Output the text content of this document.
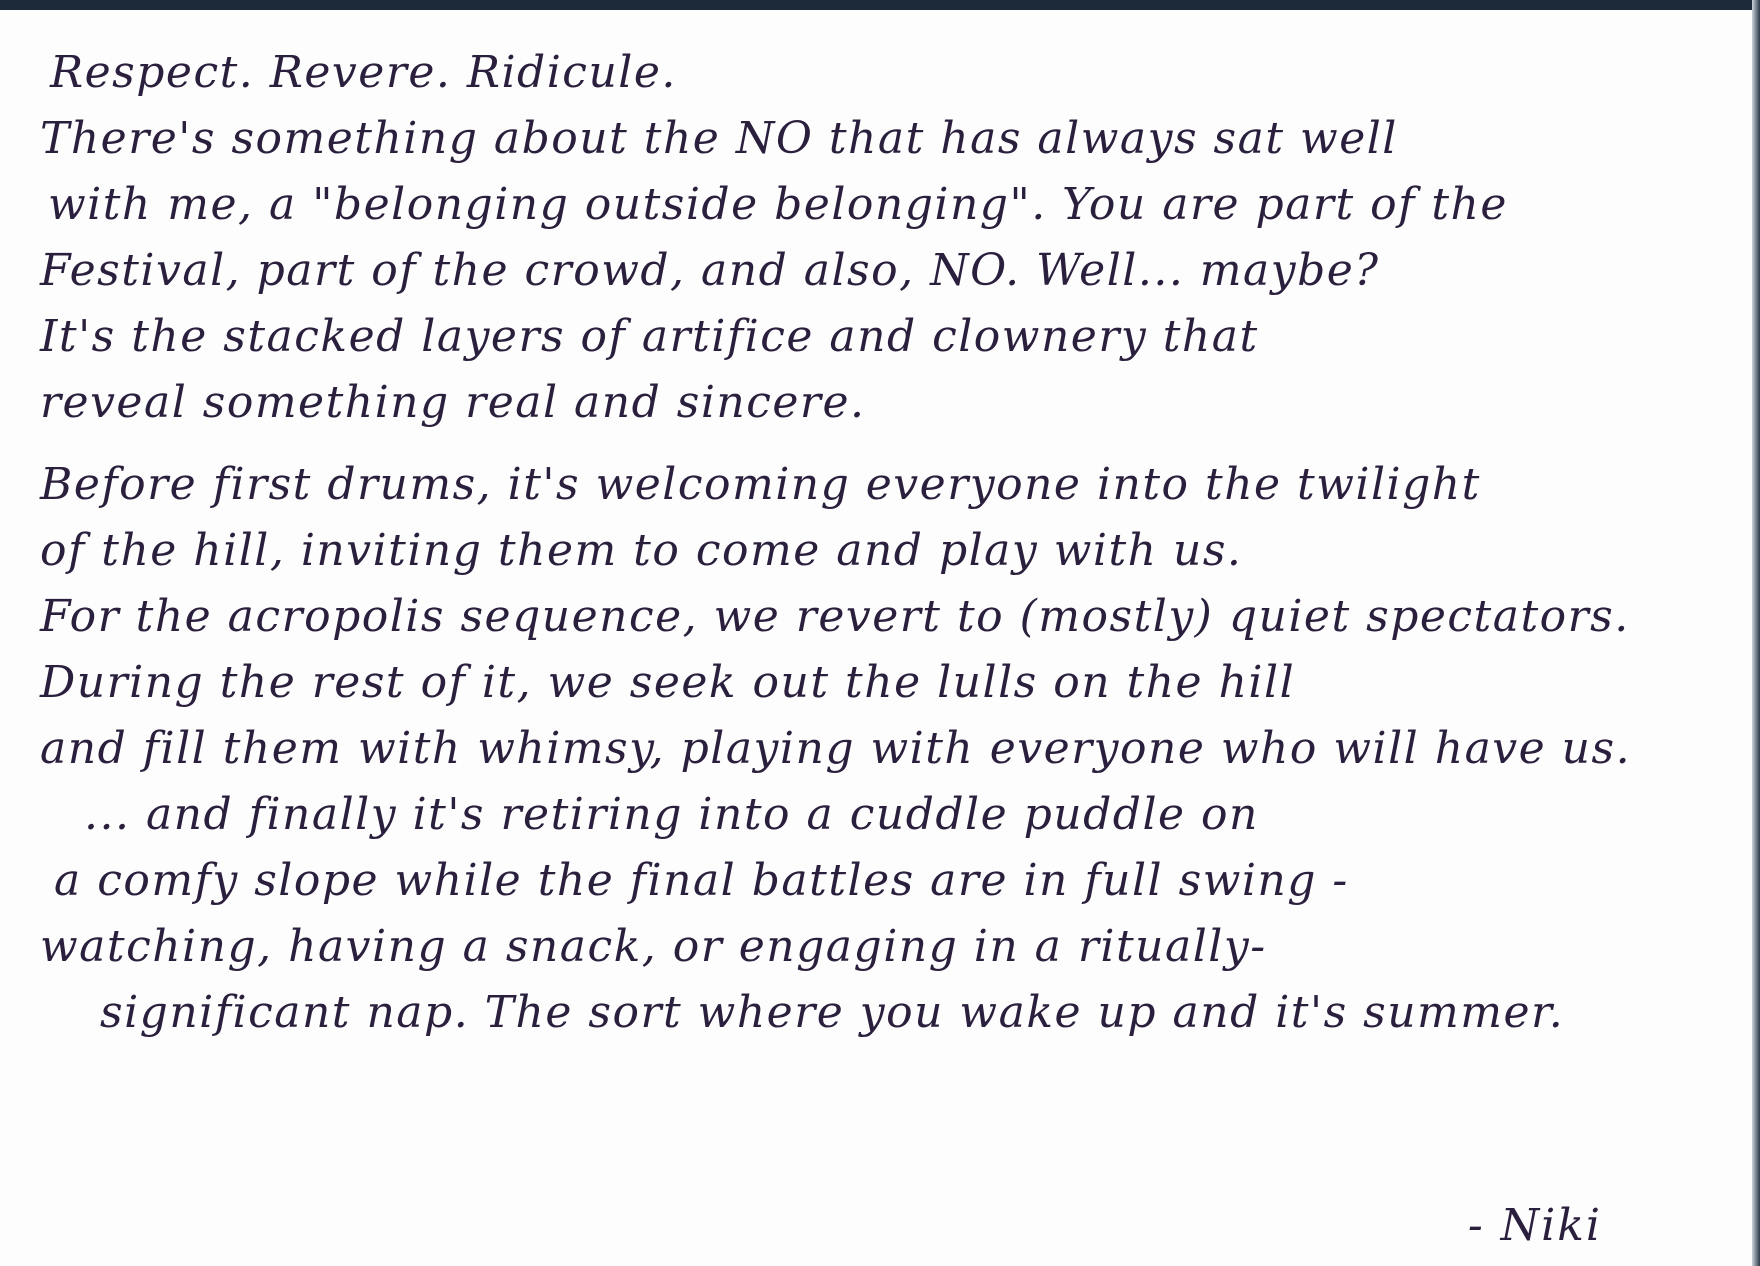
Respect. Revere. Ridicule.
There's something about the NO that has always sat well
with me, a "belonging outside belonging". You are part of the
Festival, part of the crowd, and also, NO. Well... maybe?
It's the stacked layers of artifice and clownery that
reveal something real and sincere.
Before first drums, it's welcoming everyone into the twilight
of the hill, inviting them to come and play with us.
For the acropolis sequence, we revert to (mostly) quiet spectators.
During the rest of it, we seek out the lulls on the hill
and fill them with whimsy, playing with everyone who will have us.
... and finally it's retiring into a cuddle puddle on
a comfy slope while the final battles are in full swing -
watching, having a snack, or engaging in a ritually-
significant nap. The sort where you wake up and it's summer.
- Niki
